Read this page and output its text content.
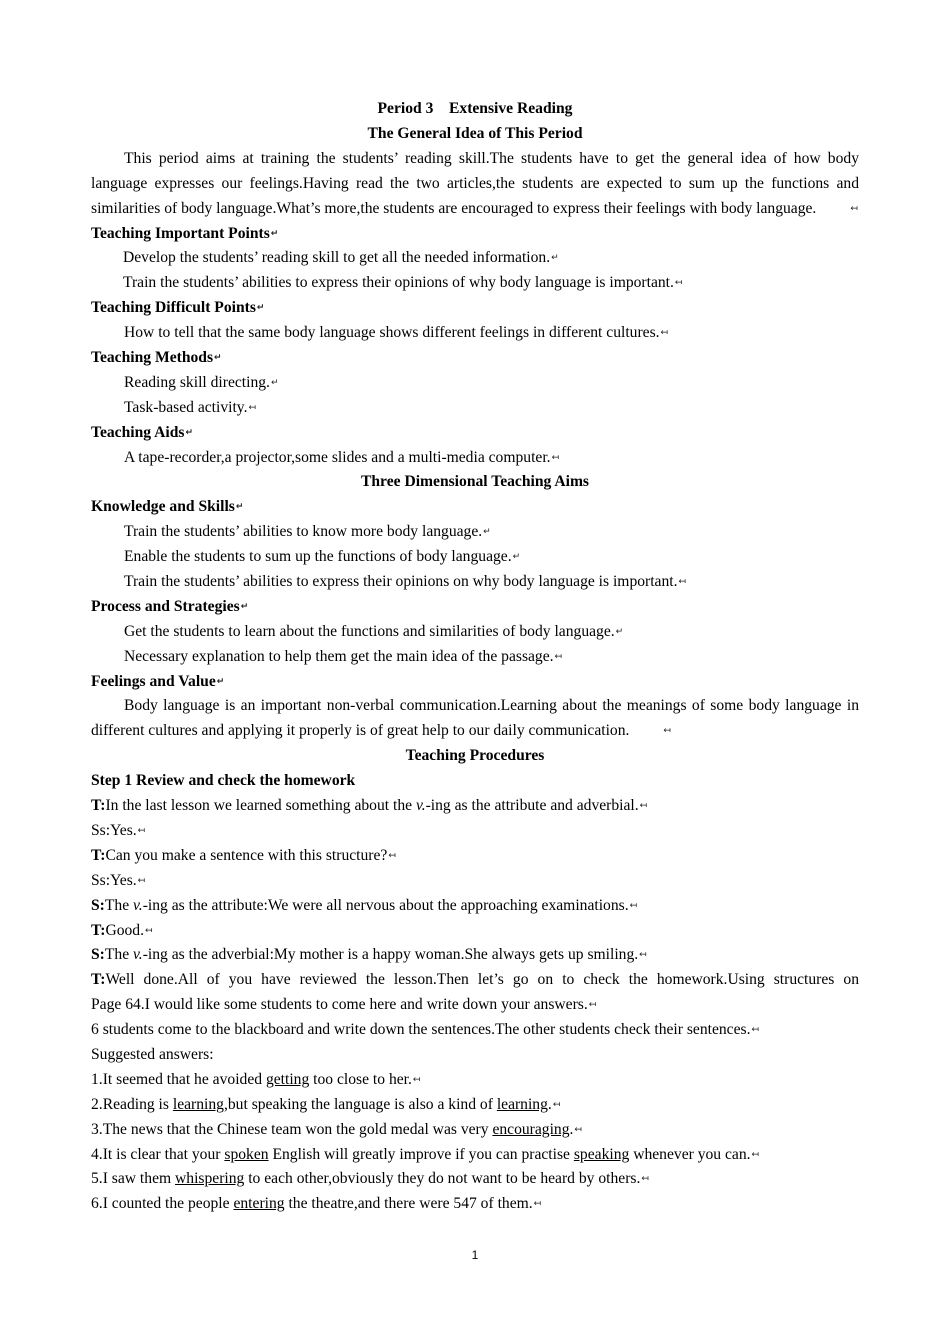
Period 3　Extensive Reading
The General Idea of This Period
This period aims at training the students’ reading skill.The students have to get the general idea of how body language expresses our feelings.Having read the two articles,the students are expected to sum up the functions and similarities of body language.What’s more,the students are encouraged to express their feelings with body language.	↤
Teaching Important Points↵
Develop the students’ reading skill to get all the needed information.↵
Train the students’ abilities to express their opinions of why body language is important.↤
Teaching Difficult Points↵
How to tell that the same body language shows different feelings in different cultures.↤
Teaching Methods↵
Reading skill directing.↵
Task-based activity.↤
Teaching Aids↵
A tape-recorder,a projector,some slides and a multi-media computer.↤
Three Dimensional Teaching Aims
Knowledge and Skills↵
Train the students’ abilities to know more body language.↵
Enable the students to sum up the functions of body language.↵
Train the students’ abilities to express their opinions on why body language is important.↤
Process and Strategies↵
Get the students to learn about the functions and similarities of body language.↵
Necessary explanation to help them get the main idea of the passage.↤
Feelings and Value↵
Body language is an important non-verbal communication.Learning about the meanings of some body language in different cultures and applying it properly is of great help to our daily communication.	↤
Teaching Procedures
Step 1 Review and check the homework
T:In the last lesson we learned something about the v.-ing as the attribute and adverbial.↤
Ss:Yes.↤
T:Can you make a sentence with this structure?↤
Ss:Yes.↤
S:The v.-ing as the attribute:We were all nervous about the approaching examinations.↤
T:Good.↤
S:The v.-ing as the adverbial:My mother is a happy woman.She always gets up smiling.↤
T:Well done.All of you have reviewed the lesson.Then let’s go on to check the homework.Using structures on
Page 64.I would like some students to come here and write down your answers.↤
6 students come to the blackboard and write down the sentences.The other students check their sentences.↤
Suggested answers:
1.It seemed that he avoided getting too close to her.↤
2.Reading is learning,but speaking the language is also a kind of learning.↤
3.The news that the Chinese team won the gold medal was very encouraging.↤
4.It is clear that your spoken English will greatly improve if you can practise speaking whenever you can.↤
5.I saw them whispering to each other,obviously they do not want to be heard by others.↤
6.I counted the people entering the theatre,and there were 547 of them.↤
1
